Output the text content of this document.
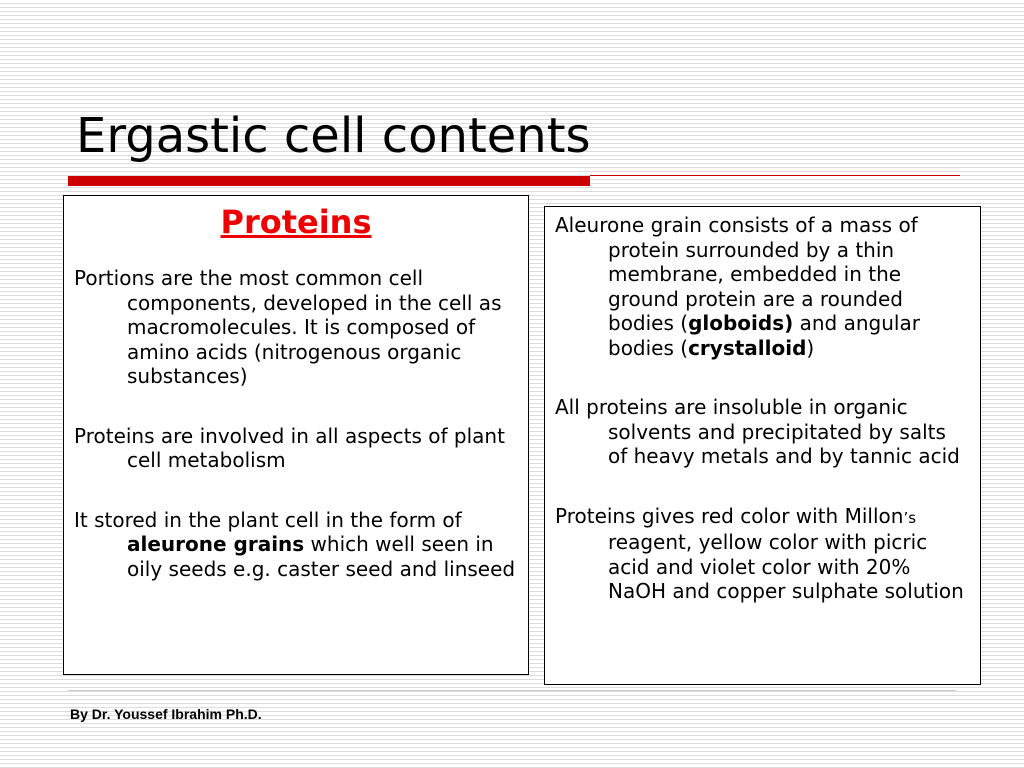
Ergastic cell contents
Proteins
Portions are the most common cell components, developed in the cell as macromolecules. It is composed of amino acids (nitrogenous organic substances)
Proteins are involved in all aspects of plant cell metabolism
It stored in the plant cell in the form of aleurone grains which well seen in oily seeds e.g. caster seed and linseed
Aleurone grain consists of a mass of protein surrounded by a thin membrane, embedded in the ground protein are a rounded bodies (globoids) and angular bodies (crystalloid)
All proteins are insoluble in organic solvents and precipitated by salts of heavy metals and by tannic acid
Proteins gives red color with Millon’s reagent, yellow color with picric acid and violet color with 20% NaOH and copper sulphate solution
By Dr. Youssef Ibrahim Ph.D.
